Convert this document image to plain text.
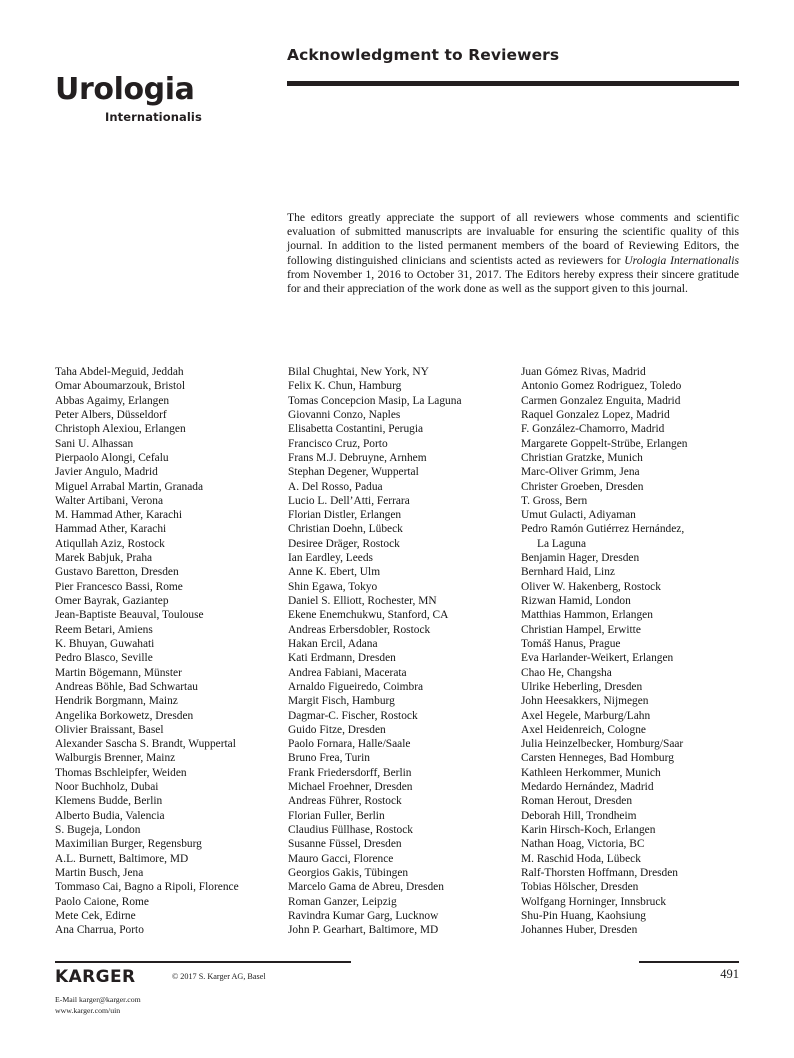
Urologia
Internationalis
Acknowledgment to Reviewers

The editors greatly appreciate the support of all reviewers whose comments and scientific evaluation of submitted manuscripts are invaluable for ensuring the scientific quality of this journal. In addition to the listed permanent members of the board of Reviewing Editors, the following distinguished clinicians and scientists acted as reviewers for Urologia Internationalis from November 1, 2016 to October 31, 2017. The Editors hereby express their sincere gratitude for and their appreciation of the work done as well as the support given to this journal.

Taha Abdel-Meguid, Jeddah
Omar Aboumarzouk, Bristol
Abbas Agaimy, Erlangen
Peter Albers, Düsseldorf
Christoph Alexiou, Erlangen
Sani U. Alhassan
Pierpaolo Alongi, Cefalu
Javier Angulo, Madrid
Miguel Arrabal Martin, Granada
Walter Artibani, Verona
M. Hammad Ather, Karachi
Hammad Ather, Karachi
Atiqullah Aziz, Rostock
Marek Babjuk, Praha
Gustavo Baretton, Dresden
Pier Francesco Bassi, Rome
Omer Bayrak, Gaziantep
Jean-Baptiste Beauval, Toulouse
Reem Betari, Amiens
K. Bhuyan, Guwahati
Pedro Blasco, Seville
Martin Bögemann, Münster
Andreas Böhle, Bad Schwartau
Hendrik Borgmann, Mainz
Angelika Borkowetz, Dresden
Olivier Braissant, Basel
Alexander Sascha S. Brandt, Wuppertal
Walburgis Brenner, Mainz
Thomas Bschleipfer, Weiden
Noor Buchholz, Dubai
Klemens Budde, Berlin
Alberto Budia, Valencia
S. Bugeja, London
Maximilian Burger, Regensburg
A.L. Burnett, Baltimore, MD
Martin Busch, Jena
Tommaso Cai, Bagno a Ripoli, Florence
Paolo Caione, Rome
Mete Cek, Edirne
Ana Charrua, Porto
Bilal Chughtai, New York, NY
Felix K. Chun, Hamburg
Tomas Concepcion Masip, La Laguna
Giovanni Conzo, Naples
Elisabetta Costantini, Perugia
Francisco Cruz, Porto
Frans M.J. Debruyne, Arnhem
Stephan Degener, Wuppertal
A. Del Rosso, Padua
Lucio L. Dell’Atti, Ferrara
Florian Distler, Erlangen
Christian Doehn, Lübeck
Desiree Dräger, Rostock
Ian Eardley, Leeds
Anne K. Ebert, Ulm
Shin Egawa, Tokyo
Daniel S. Elliott, Rochester, MN
Ekene Enemchukwu, Stanford, CA
Andreas Erbersdobler, Rostock
Hakan Ercil, Adana
Kati Erdmann, Dresden
Andrea Fabiani, Macerata
Arnaldo Figueiredo, Coimbra
Margit Fisch, Hamburg
Dagmar-C. Fischer, Rostock
Guido Fitze, Dresden
Paolo Fornara, Halle/Saale
Bruno Frea, Turin
Frank Friedersdorff, Berlin
Michael Froehner, Dresden
Andreas Führer, Rostock
Florian Fuller, Berlin
Claudius Füllhase, Rostock
Susanne Füssel, Dresden
Mauro Gacci, Florence
Georgios Gakis, Tübingen
Marcelo Gama de Abreu, Dresden
Roman Ganzer, Leipzig
Ravindra Kumar Garg, Lucknow
John P. Gearhart, Baltimore, MD
Juan Gómez Rivas, Madrid
Antonio Gomez Rodriguez, Toledo
Carmen Gonzalez Enguita, Madrid
Raquel Gonzalez Lopez, Madrid
F. González-Chamorro, Madrid
Margarete Goppelt-Strübe, Erlangen
Christian Gratzke, Munich
Marc-Oliver Grimm, Jena
Christer Groeben, Dresden
T. Gross, Bern
Umut Gulacti, Adiyaman
Pedro Ramón Gutiérrez Hernández,
La Laguna
Benjamin Hager, Dresden
Bernhard Haid, Linz
Oliver W. Hakenberg, Rostock
Rizwan Hamid, London
Matthias Hammon, Erlangen
Christian Hampel, Erwitte
Tomáš Hanus, Prague
Eva Harlander-Weikert, Erlangen
Chao He, Changsha
Ulrike Heberling, Dresden
John Heesakkers, Nijmegen
Axel Hegele, Marburg/Lahn
Axel Heidenreich, Cologne
Julia Heinzelbecker, Homburg/Saar
Carsten Henneges, Bad Homburg
Kathleen Herkommer, Munich
Medardo Hernández, Madrid
Roman Herout, Dresden
Deborah Hill, Trondheim
Karin Hirsch-Koch, Erlangen
Nathan Hoag, Victoria, BC
M. Raschid Hoda, Lübeck
Ralf-Thorsten Hoffmann, Dresden
Tobias Hölscher, Dresden
Wolfgang Horninger, Innsbruck
Shu-Pin Huang, Kaohsiung
Johannes Huber, Dresden
KARGER	© 2017 S. Karger AG, Basel	491
E-Mail karger@karger.com
www.karger.com/uin
